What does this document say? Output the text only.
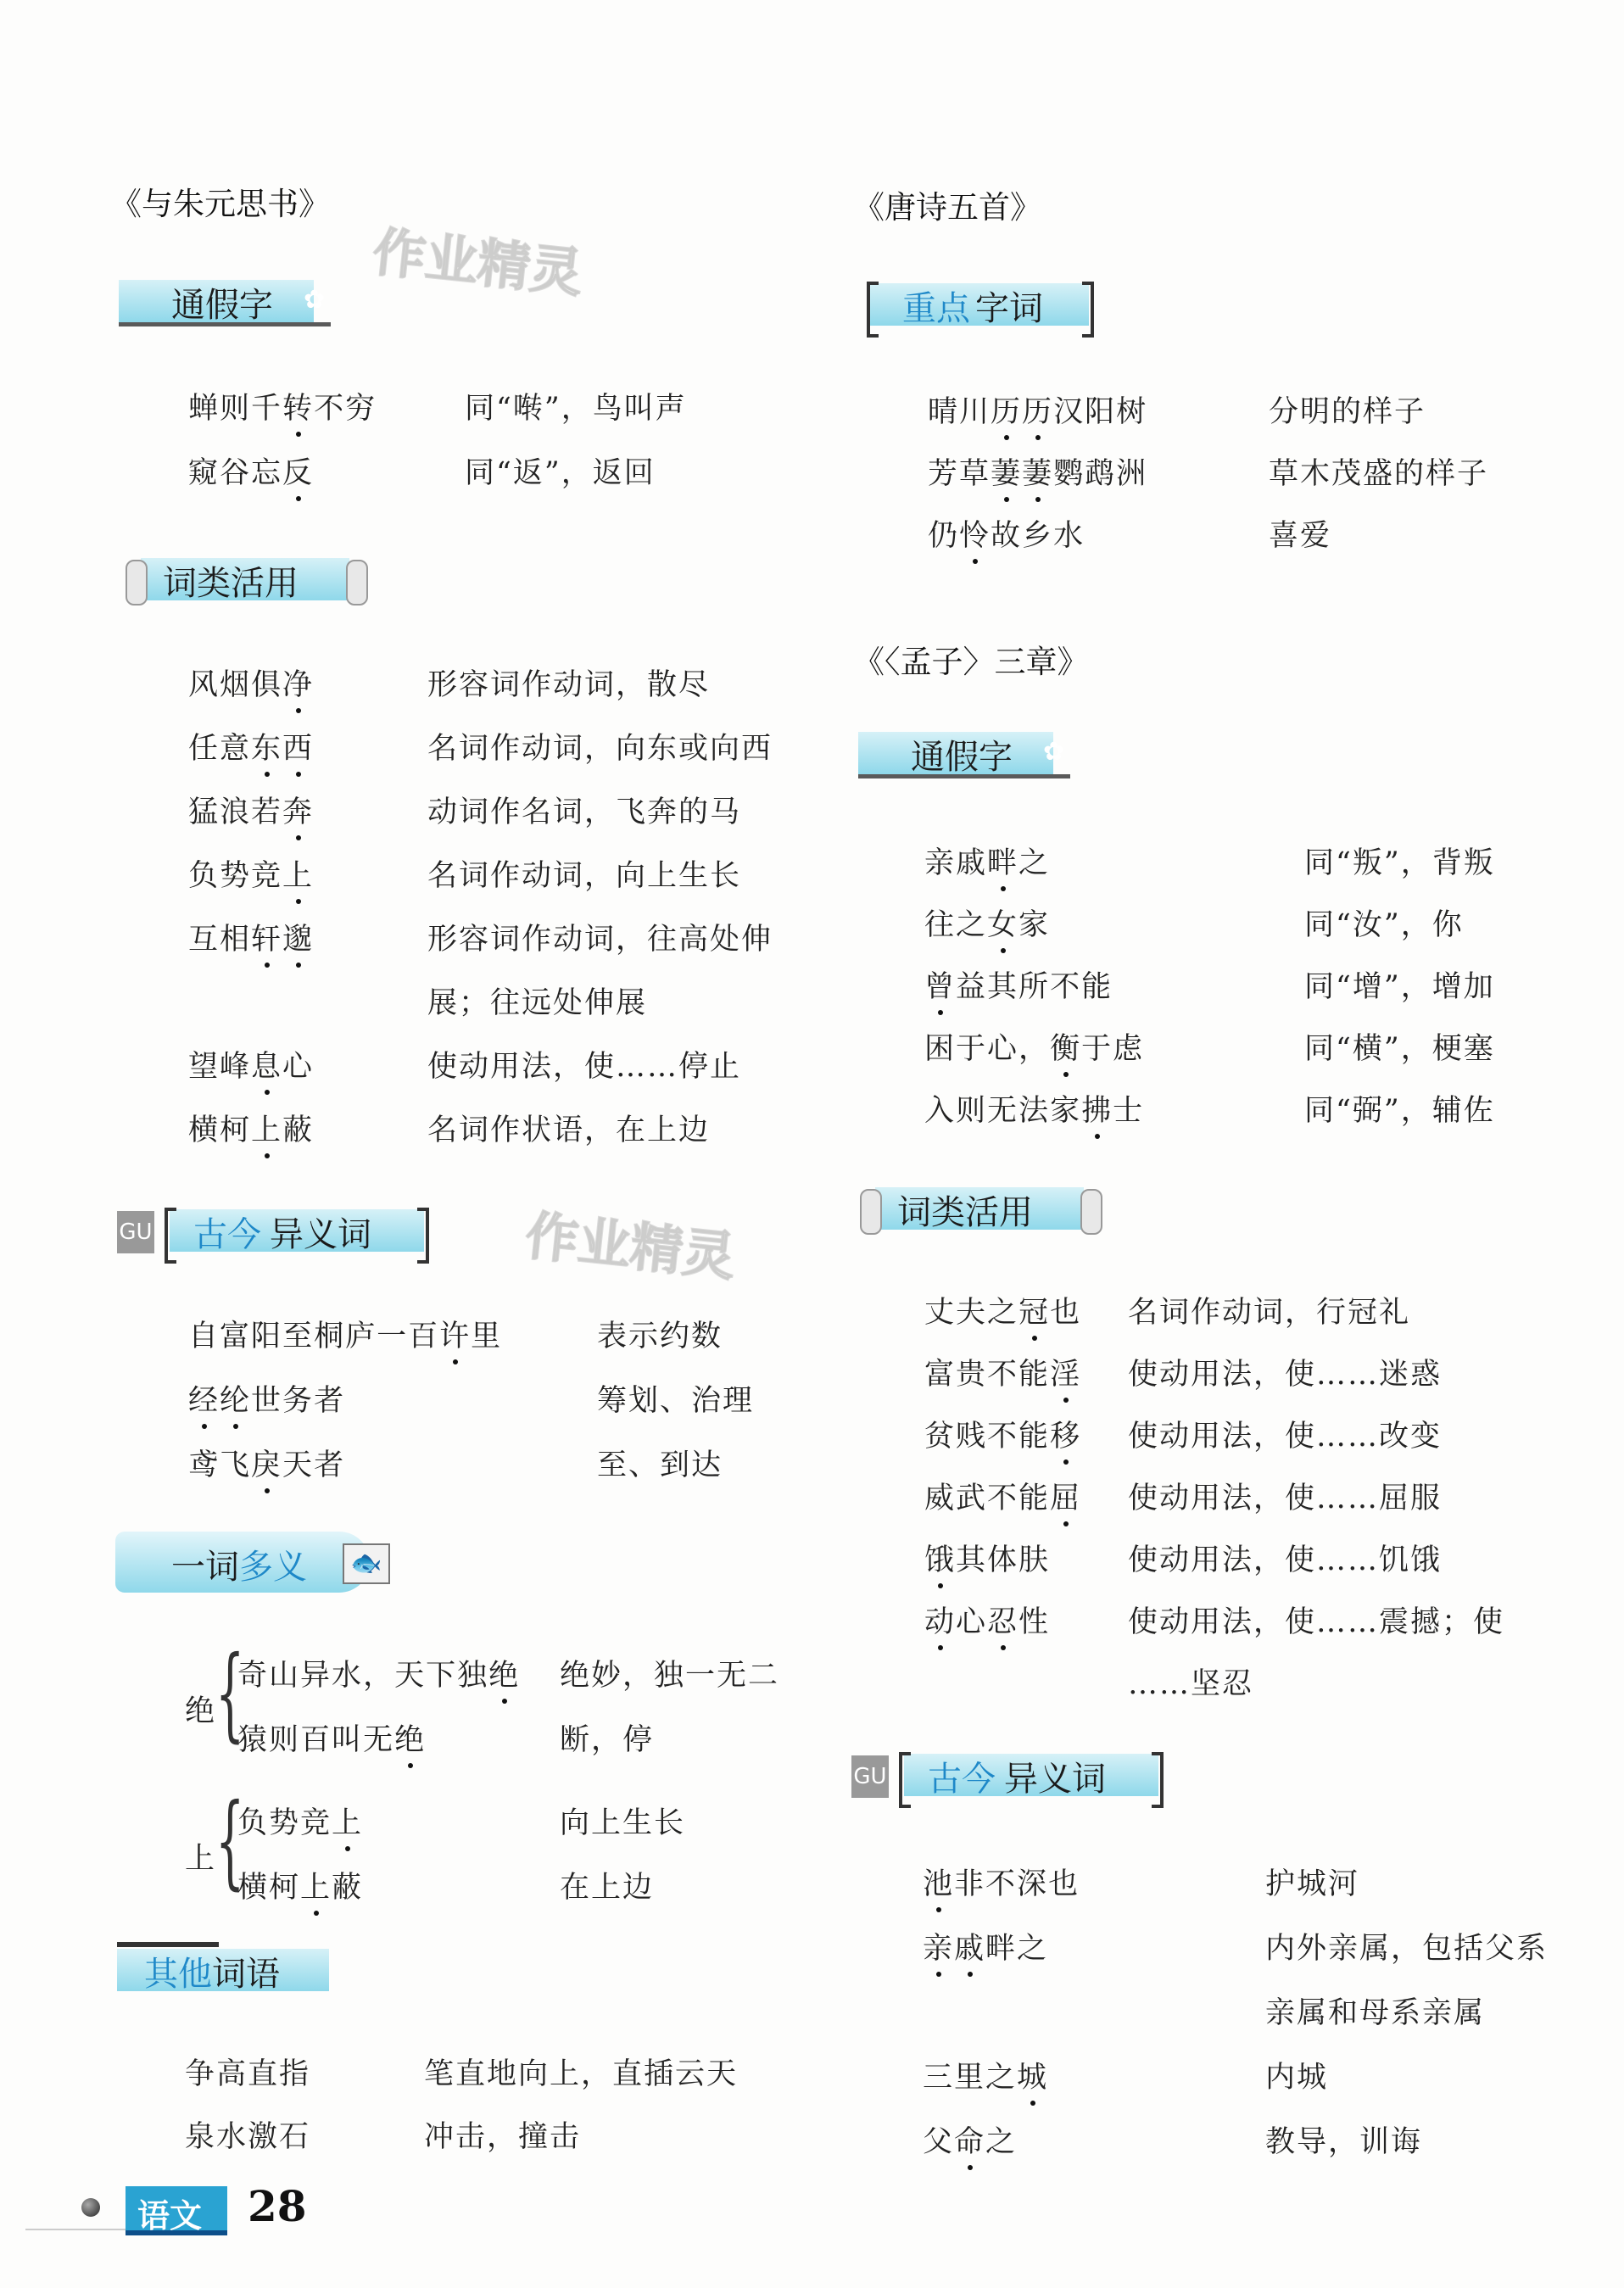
作业精灵
作业精灵
《与朱元思书》
通假字 ✿
蝉则千转不穷	同“啭”，鸟叫声
窥谷忘反	同“返”，返回
词类活用
风烟俱净	形容词作动词，散尽
任意东西	名词作动词，向东或向西
猛浪若奔	动词作名词，飞奔的马
负势竞上	名词作动词，向上生长
互相轩邈	形容词作动词，往高处伸
展；往远处伸展
望峰息心	使动用法，使……停止
横柯上蔽	名词作状语，在上边
GU 古今 异义词
自富阳至桐庐一百许里	表示约数
经纶世务者	筹划、治理
鸢飞戾天者	至、到达
🐟
一词多义
绝
{
奇山异水，天下独绝 绝妙，独一无二
猿则百叫无绝	断，停
上
{
负势竞上	向上生长
横柯上蔽	在上边
其他词语
争高直指	笔直地向上，直插云天
泉水激石	冲击，撞击
《唐诗五首》
重点 字词
晴川历历汉阳树	分明的样子
芳草萋萋鹦鹉洲	草木茂盛的样子
仍怜故乡水	喜爱
《〈孟子〉三章》
通假字 ✿
亲戚畔之	同“叛”，背叛
往之女家	同“汝”，你
曾益其所不能	同“增”，增加
困于心，衡于虑	同“横”，梗塞
入则无法家拂士	同“弼”，辅佐
词类活用
丈夫之冠也 名词作动词，行冠礼
富贵不能淫 使动用法，使……迷惑
贫贱不能移 使动用法，使……改变
威武不能屈 使动用法，使……屈服
饿其体肤	使动用法，使……饥饿
动心忍性	使动用法，使……震撼；使
……坚忍
GU 古今 异义词
池非不深也	护城河
亲戚畔之	内外亲属，包括父系
亲属和母系亲属
三里之城	内城
父命之	教导，训诲
语文 28
